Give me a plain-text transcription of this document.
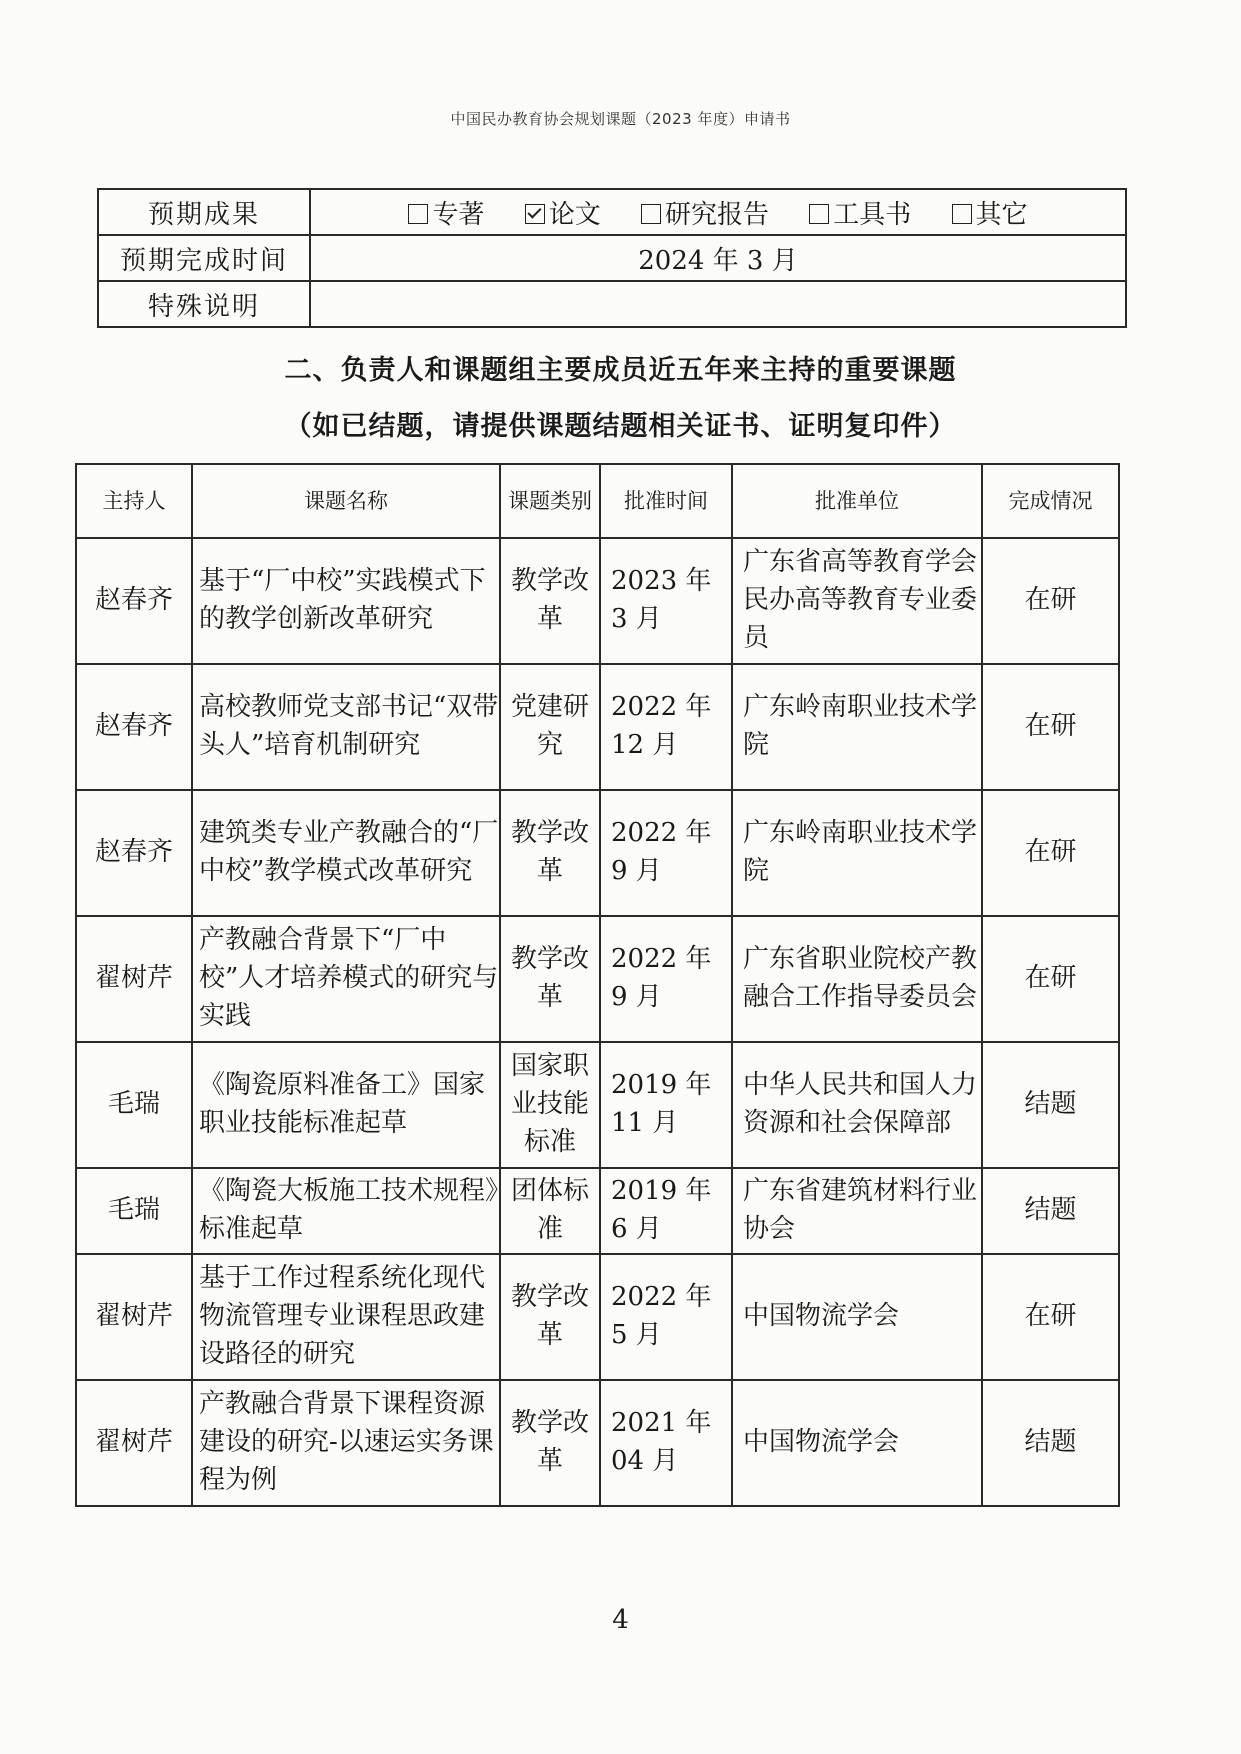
中国民办教育协会规划课题（2023 年度）申请书
预期成果	专著 论文 研究报告 工具书 其它
预期完成时间	2024 年 3 月
特殊说明	
二、负责人和课题组主要成员近五年来主持的重要课题
（如已结题，请提供课题结题相关证书、证明复印件）
主持人	课题名称	课题类别	批准时间	批准单位	完成情况
赵春齐	基于“厂中校”实践模式下的教学创新改革研究	教学改革	2023 年 3 月	广东省高等教育学会民办高等教育专业委员	在研
赵春齐	高校教师党支部书记“双带头人”培育机制研究	党建研究	2022 年 12 月	广东岭南职业技术学院	在研
赵春齐	建筑类专业产教融合的“厂中校”教学模式改革研究	教学改革	2022 年 9 月	广东岭南职业技术学院	在研
翟树芹	产教融合背景下“厂中校”人才培养模式的研究与实践	教学改革	2022 年 9 月	广东省职业院校产教融合工作指导委员会	在研
毛瑞	《陶瓷原料准备工》国家职业技能标准起草	国家职业技能标准	2019 年 11 月	中华人民共和国人力资源和社会保障部	结题
毛瑞	《陶瓷大板施工技术规程》标准起草	团体标准	2019 年 6 月	广东省建筑材料行业协会	结题
翟树芹	基于工作过程系统化现代物流管理专业课程思政建设路径的研究	教学改革	2022 年 5 月	中国物流学会	在研
翟树芹	产教融合背景下课程资源建设的研究-以速运实务课程为例	教学改革	2021 年 04 月	中国物流学会	结题
4
